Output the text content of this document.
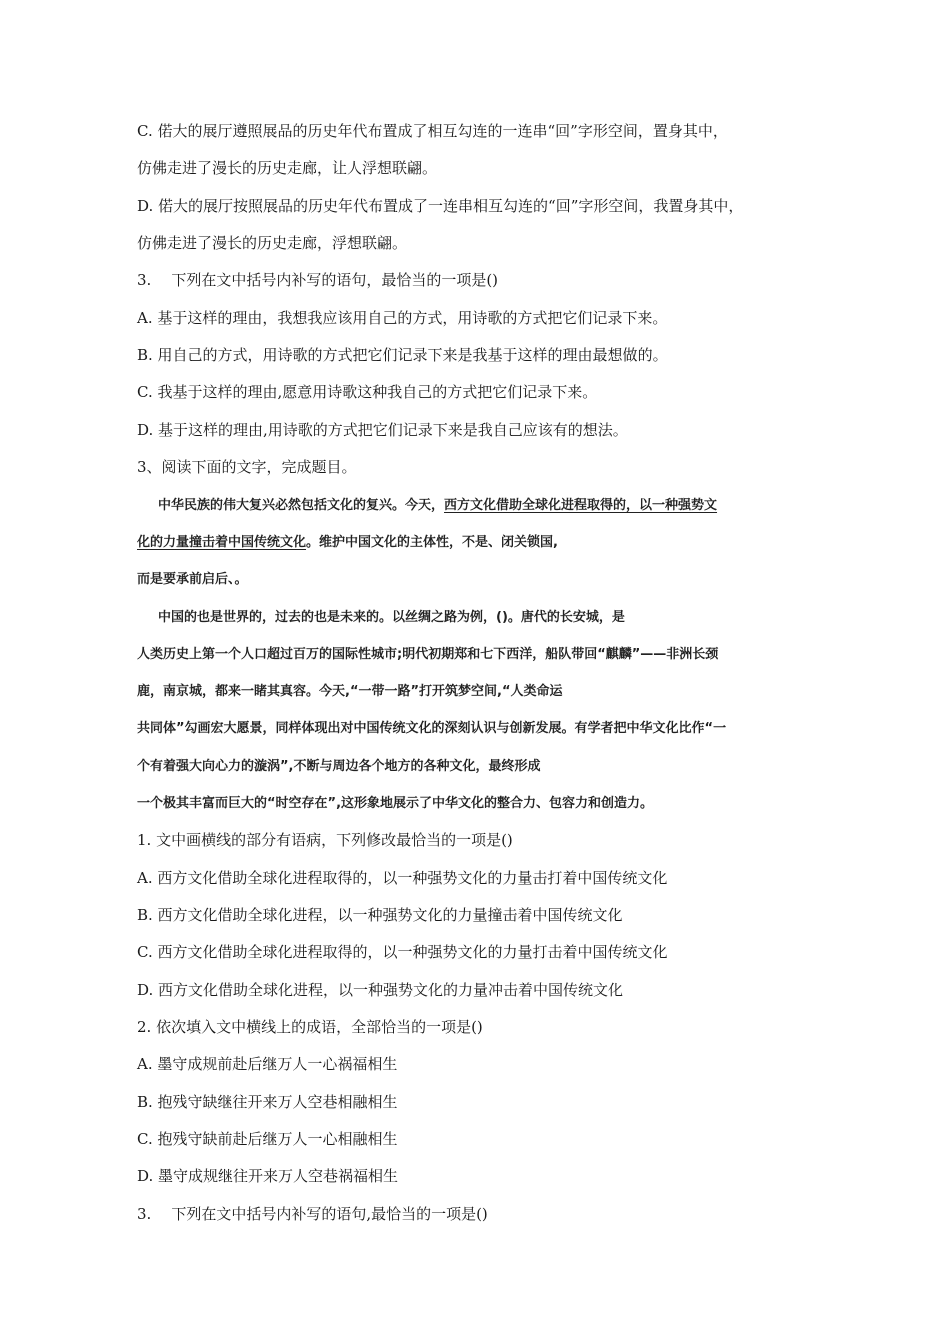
C. 偌大的展厅遵照展品的历史年代布置成了相互勾连的一连串“回”字形空间，置身其中，
仿佛走进了漫长的历史走廊，让人浮想联翩。
D. 偌大的展厅按照展品的历史年代布置成了一连串相互勾连的“回”字形空间，我置身其中，
仿佛走进了漫长的历史走廊，浮想联翩。
3. 下列在文中括号内补写的语句，最恰当的一项是()
A. 基于这样的理由，我想我应该用自己的方式，用诗歌的方式把它们记录下来。
B. 用自己的方式，用诗歌的方式把它们记录下来是我基于这样的理由最想做的。
C. 我基于这样的理由,愿意用诗歌这种我自己的方式把它们记录下来。
D. 基于这样的理由,用诗歌的方式把它们记录下来是我自己应该有的想法。
3、阅读下面的文字，完成题目。
中华民族的伟大复兴必然包括文化的复兴。今天，西方文化借助全球化进程取得的，以一种强势文
化的力量撞击着中国传统文化。维护中国文化的主体性，不是、闭关锁国,
而是要承前启后、。
中国的也是世界的，过去的也是未来的。以丝绸之路为例，()。唐代的长安城，是
人类历史上第一个人口超过百万的国际性城市;明代初期郑和七下西洋，船队带回“麒麟”——非洲长颈
鹿，南京城，都来一睹其真容。今天,“一带一路”打开筑梦空间,“人类命运
共同体”勾画宏大愿景，同样体现出对中国传统文化的深刻认识与创新发展。有学者把中华文化比作“一
个有着强大向心力的漩涡”,不断与周边各个地方的各种文化，最终形成
一个极其丰富而巨大的“时空存在”,这形象地展示了中华文化的整合力、包容力和创造力。
1. 文中画横线的部分有语病，下列修改最恰当的一项是()
A. 西方文化借助全球化进程取得的，以一种强势文化的力量击打着中国传统文化
B. 西方文化借助全球化进程，以一种强势文化的力量撞击着中国传统文化
C. 西方文化借助全球化进程取得的，以一种强势文化的力量打击着中国传统文化
D. 西方文化借助全球化进程，以一种强势文化的力量冲击着中国传统文化
2. 依次填入文中横线上的成语，全部恰当的一项是()
A. 墨守成规前赴后继万人一心祸福相生
B. 抱残守缺继往开来万人空巷相融相生
C. 抱残守缺前赴后继万人一心相融相生
D. 墨守成规继往开来万人空巷祸福相生
3. 下列在文中括号内补写的语句,最恰当的一项是()
